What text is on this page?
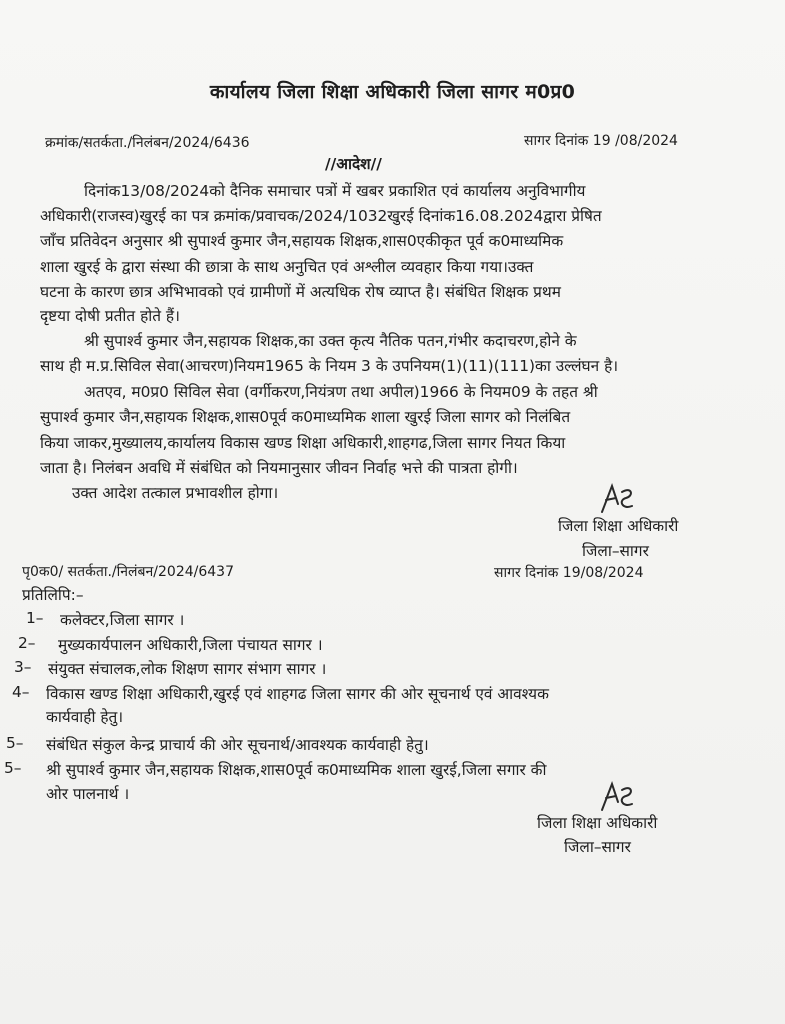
कार्यालय जिला शिक्षा अधिकारी जिला सागर म0प्र0
क्रमांक/सतर्कता./निलंबन/2024/6436	सागर दिनांक 19 /08/2024
//आदेश//
दिनांक13/08/2024को दैनिक समाचार पत्रों में खबर प्रकाशित एवं कार्यालय अनुविभागीय
अधिकारी(राजस्व)खुरई का पत्र क्रमांक/प्रवाचक/2024/1032खुरई दिनांक16.08.2024द्वारा प्रेषित
जाँच प्रतिवेदन अनुसार श्री सुपार्श्व कुमार जैन,सहायक शिक्षक,शास0एकीकृत पूर्व क0माध्यमिक
शाला खुरई के द्वारा संस्था की छात्रा के साथ अनुचित एवं अश्लील व्यवहार किया गया।उक्त
घटना के कारण छात्र अभिभावको एवं ग्रामीणों में अत्यधिक रोष व्याप्त है। संबंधित शिक्षक प्रथम
दृष्टया दोषी प्रतीत होते हैं।
श्री सुपार्श्व कुमार जैन,सहायक शिक्षक,का उक्त कृत्य नैतिक पतन,गंभीर कदाचरण,होने के
साथ ही म.प्र.सिविल सेवा(आचरण)नियम1965 के नियम 3 के उपनियम(1)(11)(111)का उल्लंघन है।
अतएव, म0प्र0 सिविल सेवा (वर्गीकरण,नियंत्रण तथा अपील)1966 के नियम09 के तहत श्री
सुपार्श्व कुमार जैन,सहायक शिक्षक,शास0पूर्व क0माध्यमिक शाला खुरई जिला सागर को निलंबित
किया जाकर,मुख्यालय,कार्यालय विकास खण्ड शिक्षा अधिकारी,शाहगढ,जिला सागर नियत किया
जाता है। निलंबन अवधि में संबंधित को नियमानुसार जीवन निर्वाह भत्ते की पात्रता होगी।
उक्त आदेश तत्काल प्रभावशील होगा।
जिला शिक्षा अधिकारी
जिला–सागर
पृ0क0/ सतर्कता./निलंबन/2024/6437	सागर दिनांक 19/08/2024
प्रतिलिपि:–
1– कलेक्टर,जिला सागर ।
2– मुख्यकार्यपालन अधिकारी,जिला पंचायत सागर ।
3– संयुक्त संचालक,लोक शिक्षण सागर संभाग सागर ।
4– विकास खण्ड शिक्षा अधिकारी,खुरई एवं शाहगढ जिला सागर की ओर सूचनार्थ एवं आवश्यक
कार्यवाही हेतु।
5– संबंधित संकुल केन्द्र प्राचार्य की ओर सूचनार्थ/आवश्यक कार्यवाही हेतु।
5– श्री सुपार्श्व कुमार जैन,सहायक शिक्षक,शास0पूर्व क0माध्यमिक शाला खुरई,जिला सगार की
ओर पालनार्थ ।
जिला शिक्षा अधिकारी
जिला–सागर
